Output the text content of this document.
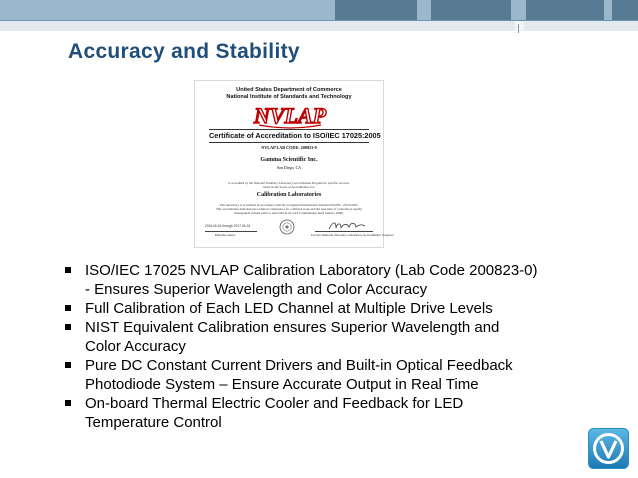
Accuracy and Stability
United States Department of Commerce
National Institute of Standards and Technology
NVLAP
Certificate of Accreditation to ISO/IEC 17025:2005
NVLAP LAB CODE: 200823-0
Gamma Scientific Inc.
San Diego, CA
is accredited by the National Voluntary Laboratory Accreditation Program for specific services,
listed on the Scope of Accreditation, for:
Calibration Laboratories
This laboratory is accredited in accordance with the recognized International Standard ISO/IEC 17025:2005.
This accreditation demonstrates technical competence for a defined scope and the operation of a laboratory quality
management system (refer to joint ISO-ILAC-IAF Communiqué dated January 2009).
2016-06-16 through 2017-06-15
Effective dates	For the National Voluntary Laboratory Accreditation Program
ISO/IEC 17025 NVLAP Calibration Laboratory (Lab Code 200823-0)
- Ensures Superior Wavelength and Color Accuracy
Full Calibration of Each LED Channel at Multiple Drive Levels
NIST Equivalent Calibration ensures Superior Wavelength and
Color Accuracy
Pure DC Constant Current Drivers and Built-in Optical Feedback
Photodiode System – Ensure Accurate Output in Real Time
On-board Thermal Electric Cooler and Feedback for LED
Temperature Control
